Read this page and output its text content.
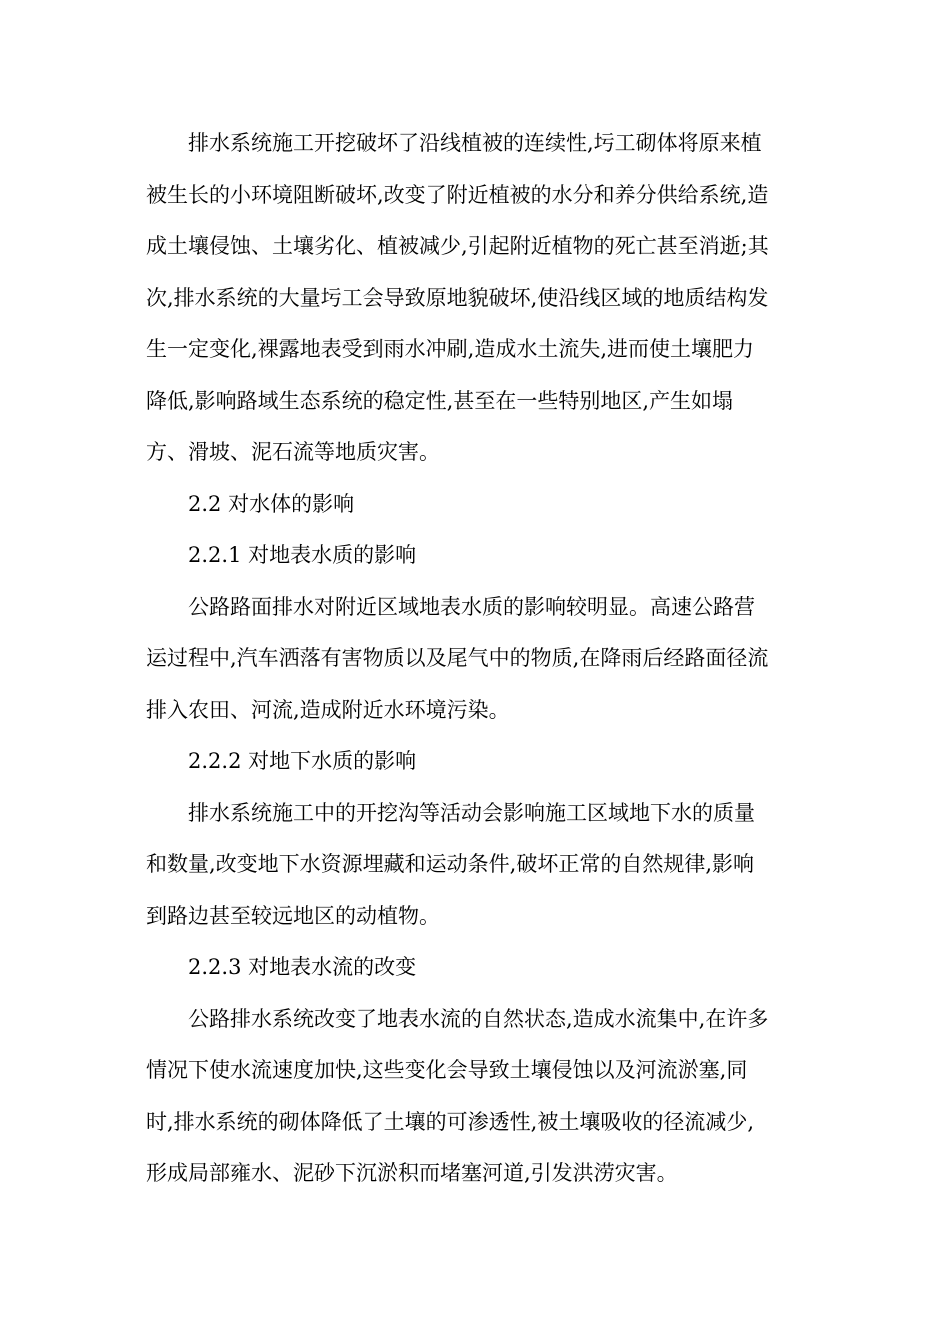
排水系统施工开挖破坏了沿线植被的连续性,圬工砌体将原来植
被生长的小环境阻断破坏,改变了附近植被的水分和养分供给系统,造
成土壤侵蚀、土壤劣化、植被减少,引起附近植物的死亡甚至消逝;其
次,排水系统的大量圬工会导致原地貌破坏,使沿线区域的地质结构发
生一定变化,裸露地表受到雨水冲刷,造成水土流失,进而使土壤肥力
降低,影响路域生态系统的稳定性,甚至在一些特别地区,产生如塌
方、滑坡、泥石流等地质灾害。

2.2 对水体的影响
2.2.1 对地表水质的影响

公路路面排水对附近区域地表水质的影响较明显。高速公路营
运过程中,汽车洒落有害物质以及尾气中的物质,在降雨后经路面径流
排入农田、河流,造成附近水环境污染。

2.2.2 对地下水质的影响

排水系统施工中的开挖沟等活动会影响施工区域地下水的质量
和数量,改变地下水资源埋藏和运动条件,破坏正常的自然规律,影响
到路边甚至较远地区的动植物。

2.2.3 对地表水流的改变

公路排水系统改变了地表水流的自然状态,造成水流集中,在许多
情况下使水流速度加快,这些变化会导致土壤侵蚀以及河流淤塞,同
时,排水系统的砌体降低了土壤的可渗透性,被土壤吸收的径流减少,
形成局部雍水、泥砂下沉淤积而堵塞河道,引发洪涝灾害。
